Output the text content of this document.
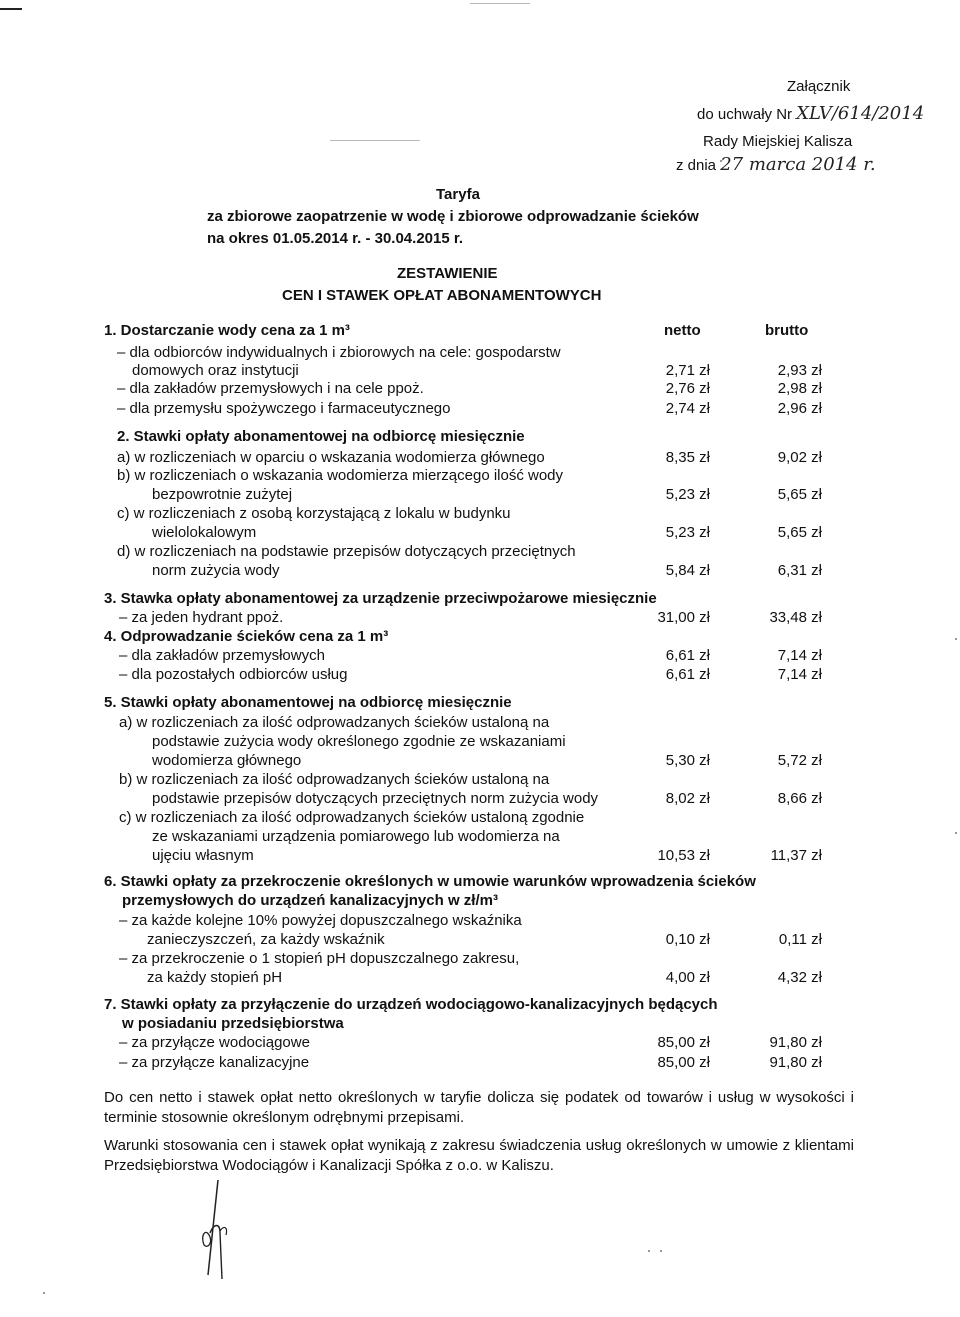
Załącznik
do uchwały Nr XLV/614/2014
Rady Miejskiej Kalisza
z dnia 27 marca 2014 r.
Taryfa
za zbiorowe zaopatrzenie w wodę i zbiorowe odprowadzanie ścieków
na okres 01.05.2014 r. - 30.04.2015 r.
ZESTAWIENIE
CEN I STAWEK OPŁAT ABONAMENTOWYCH
1. Dostarczanie wody cena za 1 m³	netto	brutto
– dla odbiorców indywidualnych i zbiorowych na cele: gospodarstw
domowych oraz instytucji	2,71 zł	2,93 zł
– dla zakładów przemysłowych i na cele ppoż.	2,76 zł	2,98 zł
– dla przemysłu spożywczego i farmaceutycznego	2,74 zł	2,96 zł
2. Stawki opłaty abonamentowej na odbiorcę miesięcznie
a) w rozliczeniach w oparciu o wskazania wodomierza głównego	8,35 zł	9,02 zł
b) w rozliczeniach o wskazania wodomierza mierzącego ilość wody
bezpowrotnie zużytej	5,23 zł	5,65 zł
c) w rozliczeniach z osobą korzystającą z lokalu w budynku
wielolokalowym	5,23 zł	5,65 zł
d) w rozliczeniach na podstawie przepisów dotyczących przeciętnych
norm zużycia wody	5,84 zł	6,31 zł
3. Stawka opłaty abonamentowej za urządzenie przeciwpożarowe miesięcznie
– za jeden hydrant ppoż.	31,00 zł	33,48 zł
4. Odprowadzanie ścieków cena za 1 m³
– dla zakładów przemysłowych	6,61 zł	7,14 zł
– dla pozostałych odbiorców usług	6,61 zł	7,14 zł
5. Stawki opłaty abonamentowej na odbiorcę miesięcznie
a) w rozliczeniach za ilość odprowadzanych ścieków ustaloną na
podstawie zużycia wody określonego zgodnie ze wskazaniami
wodomierza głównego	5,30 zł	5,72 zł
b) w rozliczeniach za ilość odprowadzanych ścieków ustaloną na
podstawie przepisów dotyczących przeciętnych norm zużycia wody	8,02 zł	8,66 zł
c) w rozliczeniach za ilość odprowadzanych ścieków ustaloną zgodnie
ze wskazaniami urządzenia pomiarowego lub wodomierza na
ujęciu własnym	10,53 zł	11,37 zł
6. Stawki opłaty za przekroczenie określonych w umowie warunków wprowadzenia ścieków
przemysłowych do urządzeń kanalizacyjnych w zł/m³
– za każde kolejne 10% powyżej dopuszczalnego wskaźnika
zanieczyszczeń, za każdy wskaźnik	0,10 zł	0,11 zł
– za przekroczenie o 1 stopień pH dopuszczalnego zakresu,
za każdy stopień pH	4,00 zł	4,32 zł
7. Stawki opłaty za przyłączenie do urządzeń wodociągowo-kanalizacyjnych będących
w posiadaniu przedsiębiorstwa
– za przyłącze wodociągowe	85,00 zł	91,80 zł
– za przyłącze kanalizacyjne	85,00 zł	91,80 zł
Do cen netto i stawek opłat netto określonych w taryfie dolicza się podatek od towarów i usług w wysokości i terminie stosownie określonym odrębnymi przepisami.
Warunki stosowania cen i stawek opłat wynikają z zakresu świadczenia usług określonych w umowie z klientami Przedsiębiorstwa Wodociągów i Kanalizacji Spółka z o.o. w Kaliszu.
